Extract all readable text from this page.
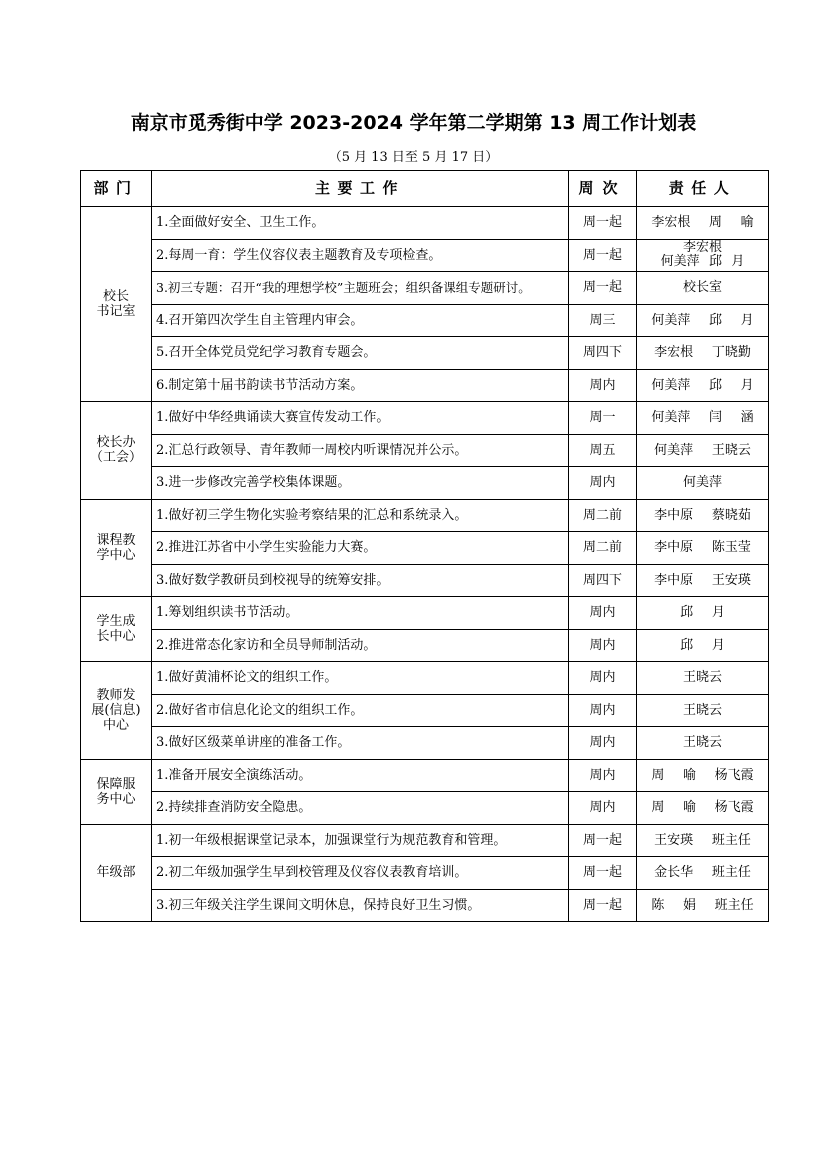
南京市觅秀街中学 2023-2024 学年第二学期第 13 周工作计划表
（5 月 13 日至 5 月 17 日）
部门	主要工作	周次	责任人
校长
书记室	1.全面做好安全、卫生工作。	周一起	李宏根  周  喻
	2.每周一育：学生仪容仪表主题教育及专项检查。	周一起	李宏根
何美萍 邱 月
	3.初三专题：召开“我的理想学校”主题班会；组织备课组专题研讨。	周一起	校长室
	4.召开第四次学生自主管理内审会。	周三	何美萍  邱  月
	5.召开全体党员党纪学习教育专题会。	周四下	李宏根  丁晓勤
	6.制定第十届书韵读书节活动方案。	周内	何美萍  邱  月
校长办
（工会）	1.做好中华经典诵读大赛宣传发动工作。	周一	何美萍  闫  涵
	2.汇总行政领导、青年教师一周校内听课情况并公示。	周五	何美萍  王晓云
	3.进一步修改完善学校集体课题。	周内	何美萍
课程教
学中心	1.做好初三学生物化实验考察结果的汇总和系统录入。	周二前	李中原  蔡晓茹
	2.推进江苏省中小学生实验能力大赛。	周二前	李中原  陈玉莹
	3.做好数学教研员到校视导的统筹安排。	周四下	李中原  王安瑛
学生成
长中心	1.筹划组织读书节活动。	周内	邱  月
	2.推进常态化家访和全员导师制活动。	周内	邱  月
教师发
展(信息)
中心	1.做好黄浦杯论文的组织工作。	周内	王晓云
	2.做好省市信息化论文的组织工作。	周内	王晓云
	3.做好区级菜单讲座的准备工作。	周内	王晓云
保障服
务中心	1.准备开展安全演练活动。	周内	周  喻  杨飞霞
	2.持续排查消防安全隐患。	周内	周  喻  杨飞霞
年级部	1.初一年级根据课堂记录本，加强课堂行为规范教育和管理。	周一起	王安瑛  班主任
	2.初二年级加强学生早到校管理及仪容仪表教育培训。	周一起	金长华  班主任
	3.初三年级关注学生课间文明休息，保持良好卫生习惯。	周一起	陈  娟  班主任
